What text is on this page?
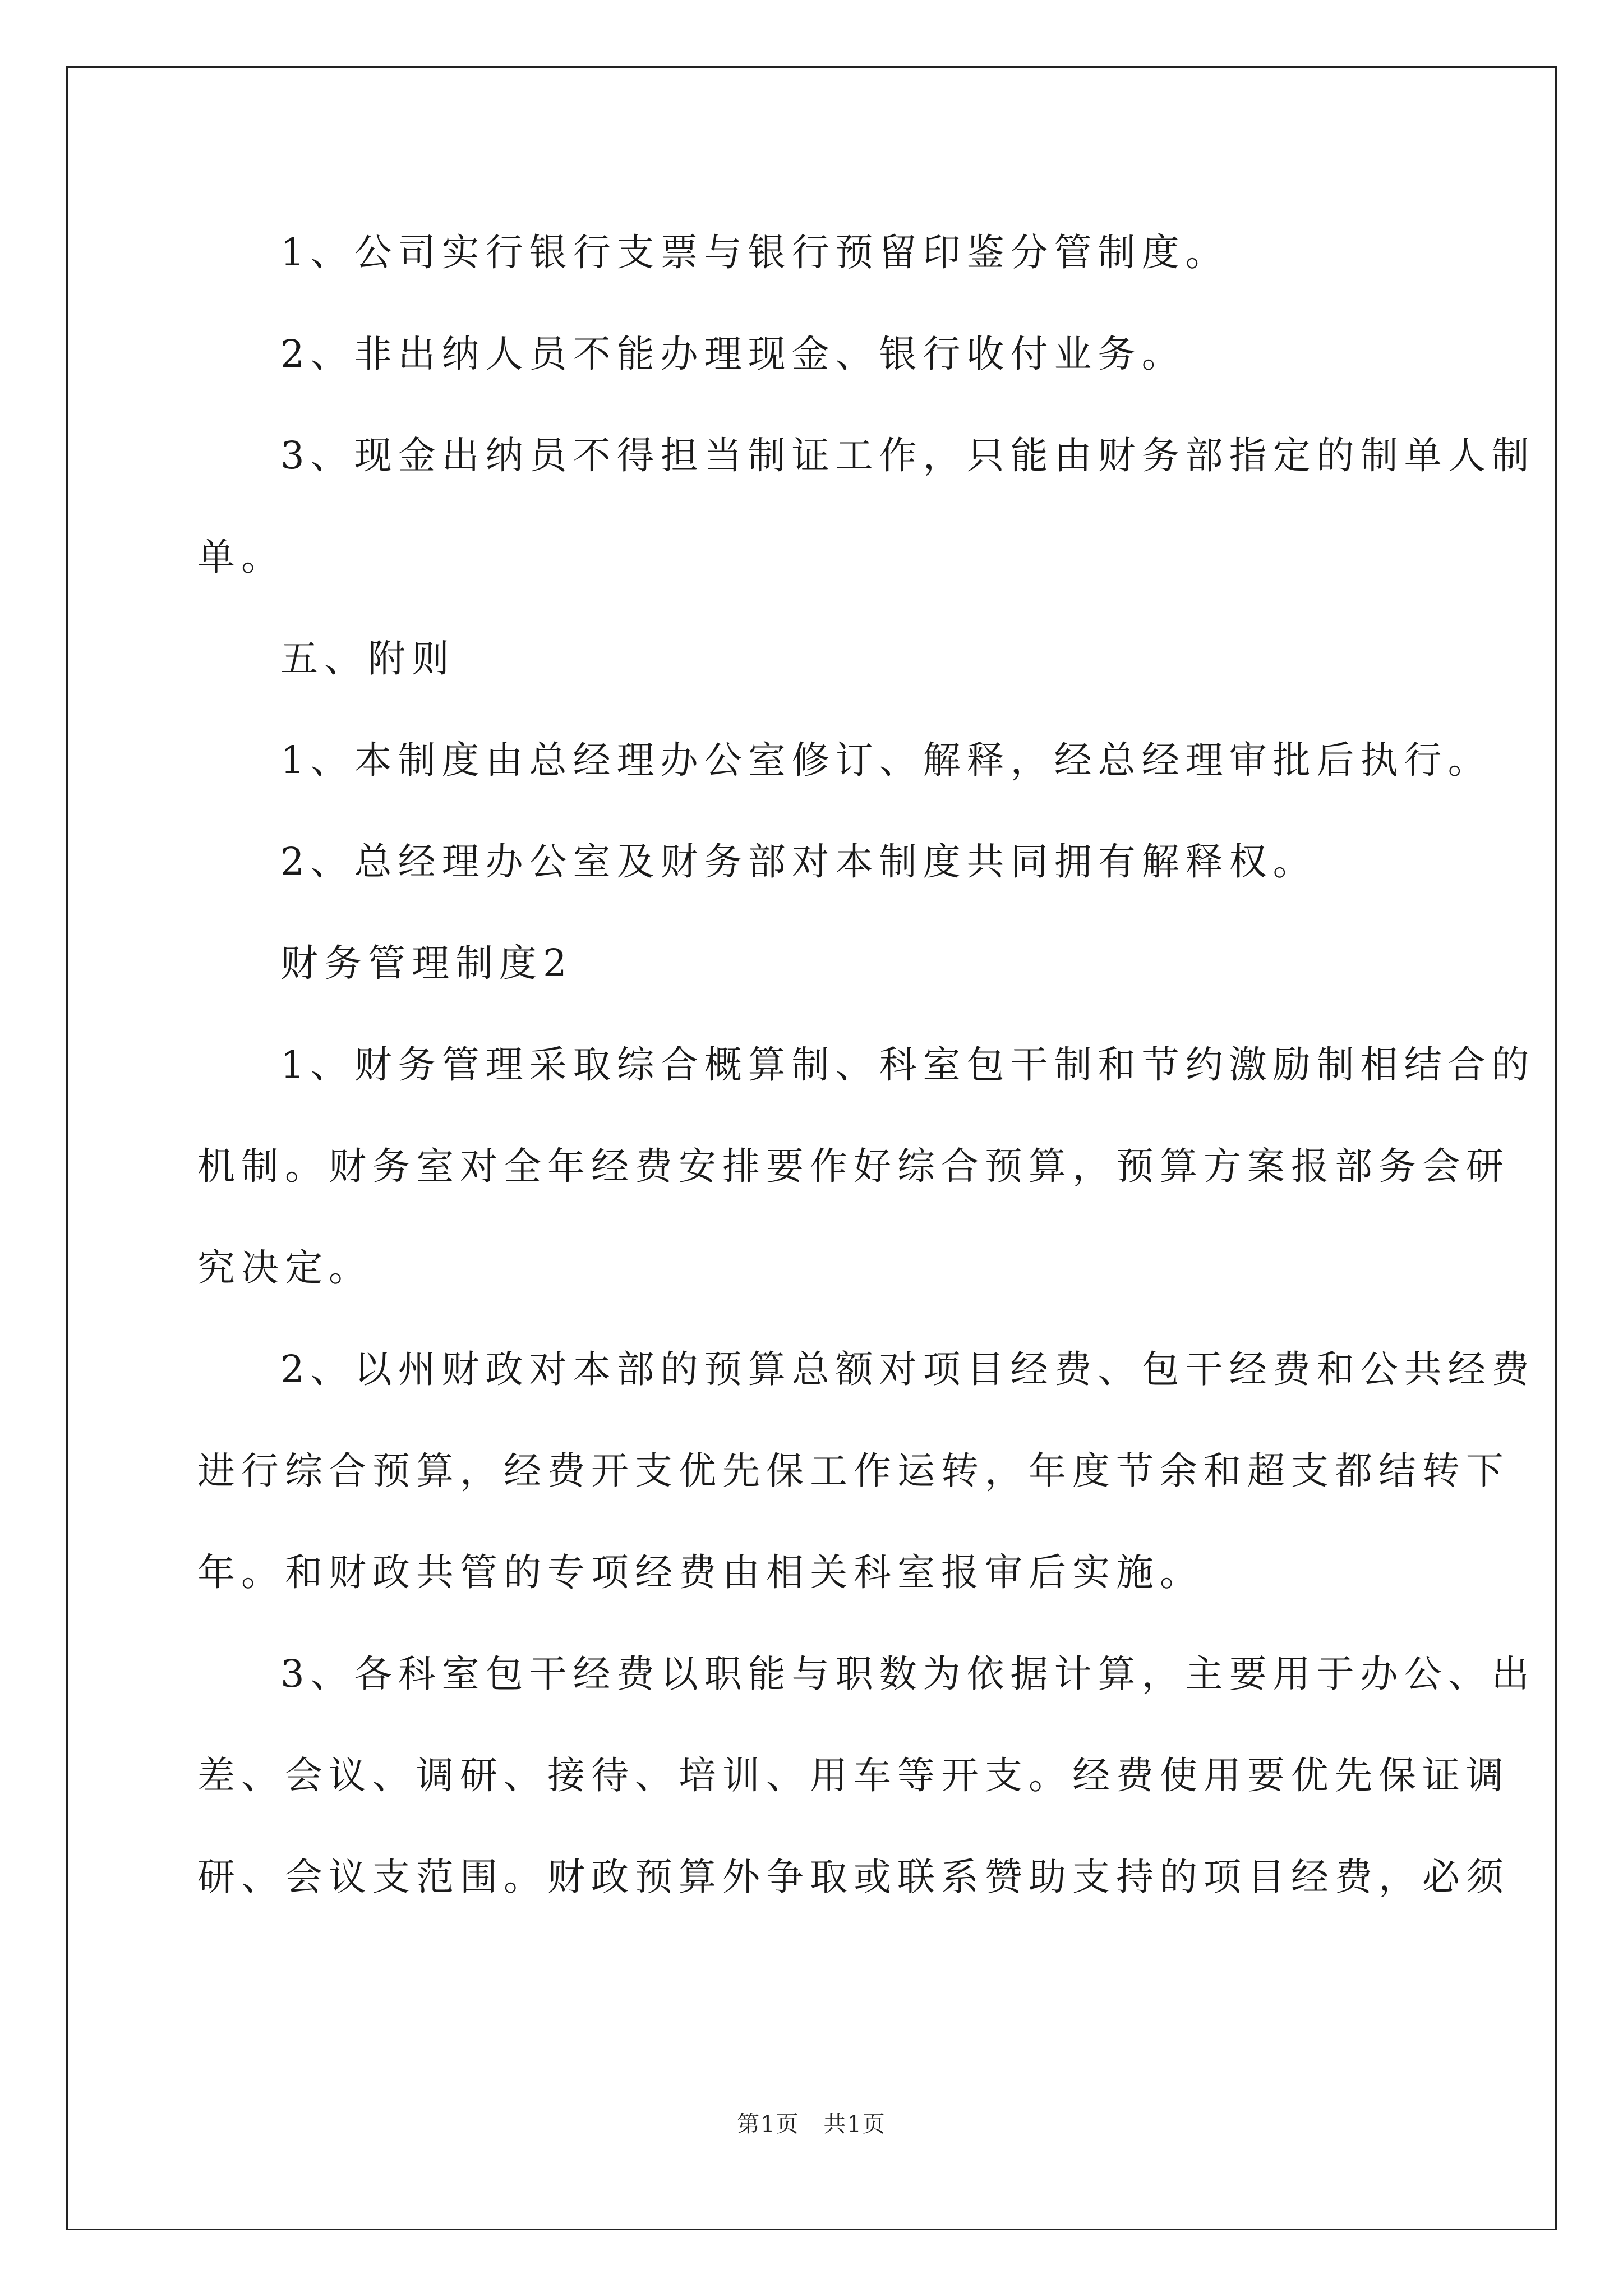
1、公司实行银行支票与银行预留印鉴分管制度。

2、非出纳人员不能办理现金、银行收付业务。

3、现金出纳员不得担当制证工作，只能由财务部指定的制单人制
单。

五、附则

1、本制度由总经理办公室修订、解释，经总经理审批后执行。

2、总经理办公室及财务部对本制度共同拥有解释权。

财务管理制度2

1、财务管理采取综合概算制、科室包干制和节约激励制相结合的
机制。财务室对全年经费安排要作好综合预算，预算方案报部务会研
究决定。

2、以州财政对本部的预算总额对项目经费、包干经费和公共经费
进行综合预算，经费开支优先保工作运转，年度节余和超支都结转下
年。和财政共管的专项经费由相关科室报审后实施。

3、各科室包干经费以职能与职数为依据计算，主要用于办公、出
差、会议、调研、接待、培训、用车等开支。经费使用要优先保证调
研、会议支范围。财政预算外争取或联系赞助支持的项目经费，必须

第1页 共1页
